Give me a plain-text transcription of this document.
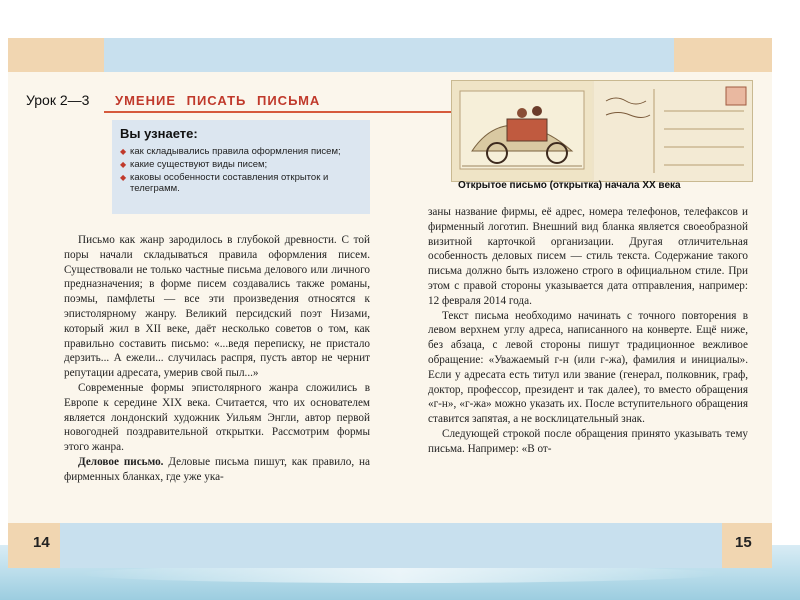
14	15
Урок 2—3 УМЕНИЕ ПИСАТЬ ПИСЬМА
Вы узнаете:
◆ как складывались правила оформления писем;
◆ какие существуют виды писем;
◆ каковы особенности составления открыток и телеграмм.

Письмо как жанр зародилось в глубокой древности. С той поры начали складываться правила оформления писем. Существовали не только частные письма делового или личного предназначения; в форме писем создавались также романы, поэмы, памфлеты — все эти произведения относятся к эпистолярному жанру. Великий персидский поэт Низами, который жил в XII веке, даёт несколько советов о том, как правильно составить письмо: «...ведя переписку, не пристало дерзить... А ежели... случилась распря, пусть автор не чернит репутации адресата, умерив свой пыл...»

Современные формы эпистолярного жанра сложились в Европе к середине XIX века. Считается, что их основателем является лондонский художник Уильям Энгли, автор первой новогодней поздравительной открытки. Рассмотрим формы этого жанра.

Деловое письмо. Деловые письма пишут, как правило, на фирменных бланках, где уже ука-

Открытое письмо (открытка) начала XX века

заны название фирмы, её адрес, номера телефонов, телефаксов и фирменный логотип. Внешний вид бланка является своеобразной визитной карточкой организации. Другая отличительная особенность деловых писем — стиль текста. Содержание такого письма должно быть изложено строго в официальном стиле. При этом с правой стороны указывается дата отправления, например: 12 февраля 2014 года.

Текст письма необходимо начинать с точного повторения в левом верхнем углу адреса, написанного на конверте. Ещё ниже, без абзаца, с левой стороны пишут традиционное вежливое обращение: «Уважаемый г-н (или г-жа), фамилия и инициалы». Если у адресата есть титул или звание (генерал, полковник, граф, доктор, профессор, президент и так далее), то вместо обращения «г-н», «г-жа» можно указать их. После вступительного обращения ставится запятая, а не восклицательный знак.

Следующей строкой после обращения принято указывать тему письма. Например: «В от-
